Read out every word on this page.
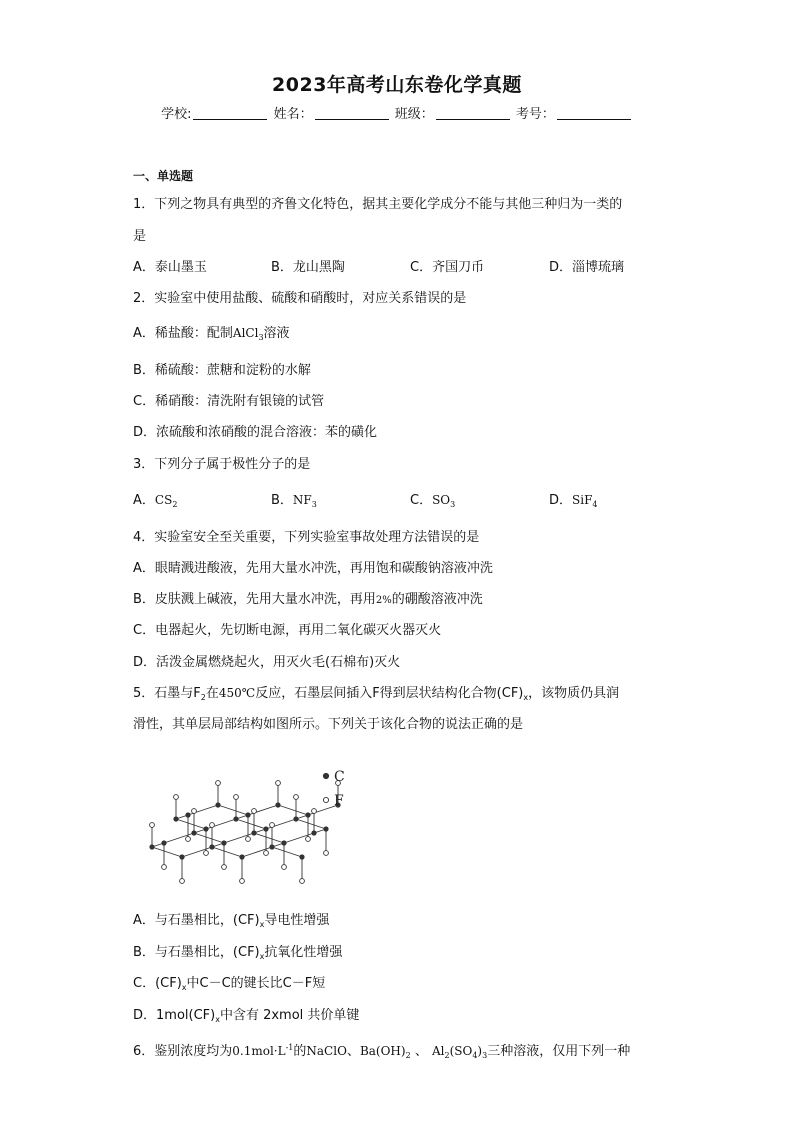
2023年高考山东卷化学真题
学校:	姓名：	班级：	考号：
一、单选题
1．下列之物具有典型的齐鲁文化特色，据其主要化学成分不能与其他三种归为一类的
是
A．泰山墨玉	B．龙山黑陶	C．齐国刀币	D．淄博琉璃
2．实验室中使用盐酸、硫酸和硝酸时，对应关系错误的是
A．稀盐酸：配制AlCl$_3$溶液
B．稀硫酸：蔗糖和淀粉的水解
C．稀硝酸：清洗附有银镜的试管
D．浓硫酸和浓硝酸的混合溶液：苯的磺化
3．下列分子属于极性分子的是
A．$CS_2$	B．$NF_3$	C．$SO_3$	D．SiF$_4$
4．实验室安全至关重要，下列实验室事故处理方法错误的是
A．眼睛溅进酸液，先用大量水冲洗，再用饱和碳酸钠溶液冲洗
B．皮肤溅上碱液，先用大量水冲洗，再用2%的硼酸溶液冲洗
C．电器起火，先切断电源，再用二氧化碳灭火器灭火
D．活泼金属燃烧起火，用灭火毛(石棉布)灭火
5．石墨与$F_2$在450℃反应，石墨层间插入F得到层状结构化合物$(CF)_x$，该物质仍具润
滑性，其单层局部结构如图所示。下列关于该化合物的说法正确的是
C
F
A．与石墨相比，$(CF)_x$导电性增强
B．与石墨相比，$(CF)_x$抗氧化性增强
C．$(CF)_x$中C－C的键长比C－F短
D．$1mol(CF)_x$中含有 2xmol 共价单键
6．鉴别浓度均为$0.1mol\cdot L^{-1}$的NaClO、$Ba(OH)_2$ 、 $Al_2(SO_4)_3$三种溶液，仅用下列一种
